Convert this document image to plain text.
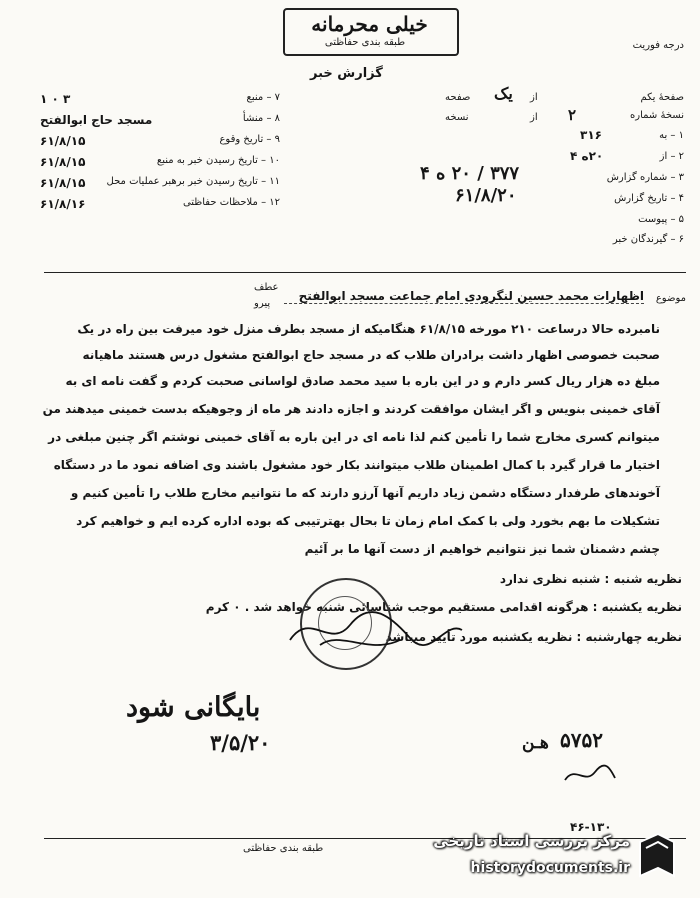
خیلی محرمانه
طبقه بندی حفاظتی	درجه فوریت
گزارش خبر
صفحهٔ یکم
از
یک
صفحه
نسخهٔ شماره
۲
از
نسخه
۱ – به
۳۱۶
۲ – از
۲۰ه ۴
۳ – شماره گزارش
۳۷۷ / ۲۰ ه ۴
۴ – تاریخ گزارش
۶۱/۸/۲۰
۵ – پیوست
۶ – گیرندگان خبر
۷ – منبع
۳ ۰ ۱
۸ – منشأ
مسجد حاج ابوالفتح
۹ – تاریخ وقوع
۶۱/۸/۱۵
۱۰ – تاریخ رسیدن خبر به منبع
۶۱/۸/۱۵
۱۱ – تاریخ رسیدن خبر برهبر عملیات محل
۶۱/۸/۱۵
۱۲ – ملاحظات حفاظتی
۶۱/۸/۱۶
موضوع
اظهارات محمد حسین لنگرودی امام جماعت مسجد ابوالفتح
عطف
پیرو
نامبرده حالا درساعت ۲۱۰ مورخه ۶۱/۸/۱۵ هنگامیکه از مسجد بطرف منزل خود میرفت بین راه در یک
صحبت خصوصی اظهار داشت برادران طلاب که در مسجد حاج ابوالفتح مشغول درس هستند ماهیانه
مبلغ ده هزار ریال کسر دارم و در این باره با سید محمد صادق لواسانی صحبت کردم و گفت نامه ای به
آقای خمینی بنویس و اگر ایشان موافقت کردند و اجازه دادند هر ماه از وجوهیکه بدست خمینی میدهند من
میتوانم کسری مخارج شما را تأمین کنم لذا نامه ای در این باره به آقای خمینی نوشتم اگر چنین مبلغی در
اختیار ما قرار گیرد با کمال اطمینان طلاب میتوانند بکار خود مشغول باشند وی اضافه نمود ما در دستگاه
آخوندهای طرفدار دستگاه دشمن زیاد داریم آنها آرزو دارند که ما نتوانیم مخارج طلاب را تأمین کنیم و
تشکیلات ما بهم بخورد ولی با کمک امام زمان تا بحال بهترتیبی که بوده اداره کرده ایم و خواهیم کرد
چشم دشمنان شما نیز نتوانیم خواهیم از دست آنها ما بر آئیم
نظریه شنبه : شنبه نظری ندارد
نظریه یکشنبه : هرگونه اقدامی مستقیم موجب شناسائی شنبه خواهد شد . ۰ کرم
نظریه چهارشنبه : نظریه یکشنبه مورد تأیید میباشد
بایگانی شود
۳/۵/۲۰	۵۷۵۲
هـن
۴۶-۱۳۰
طبقه بندی حفاظتی	مرکز بررسی اسناد تاریخی
historydocuments.ir
